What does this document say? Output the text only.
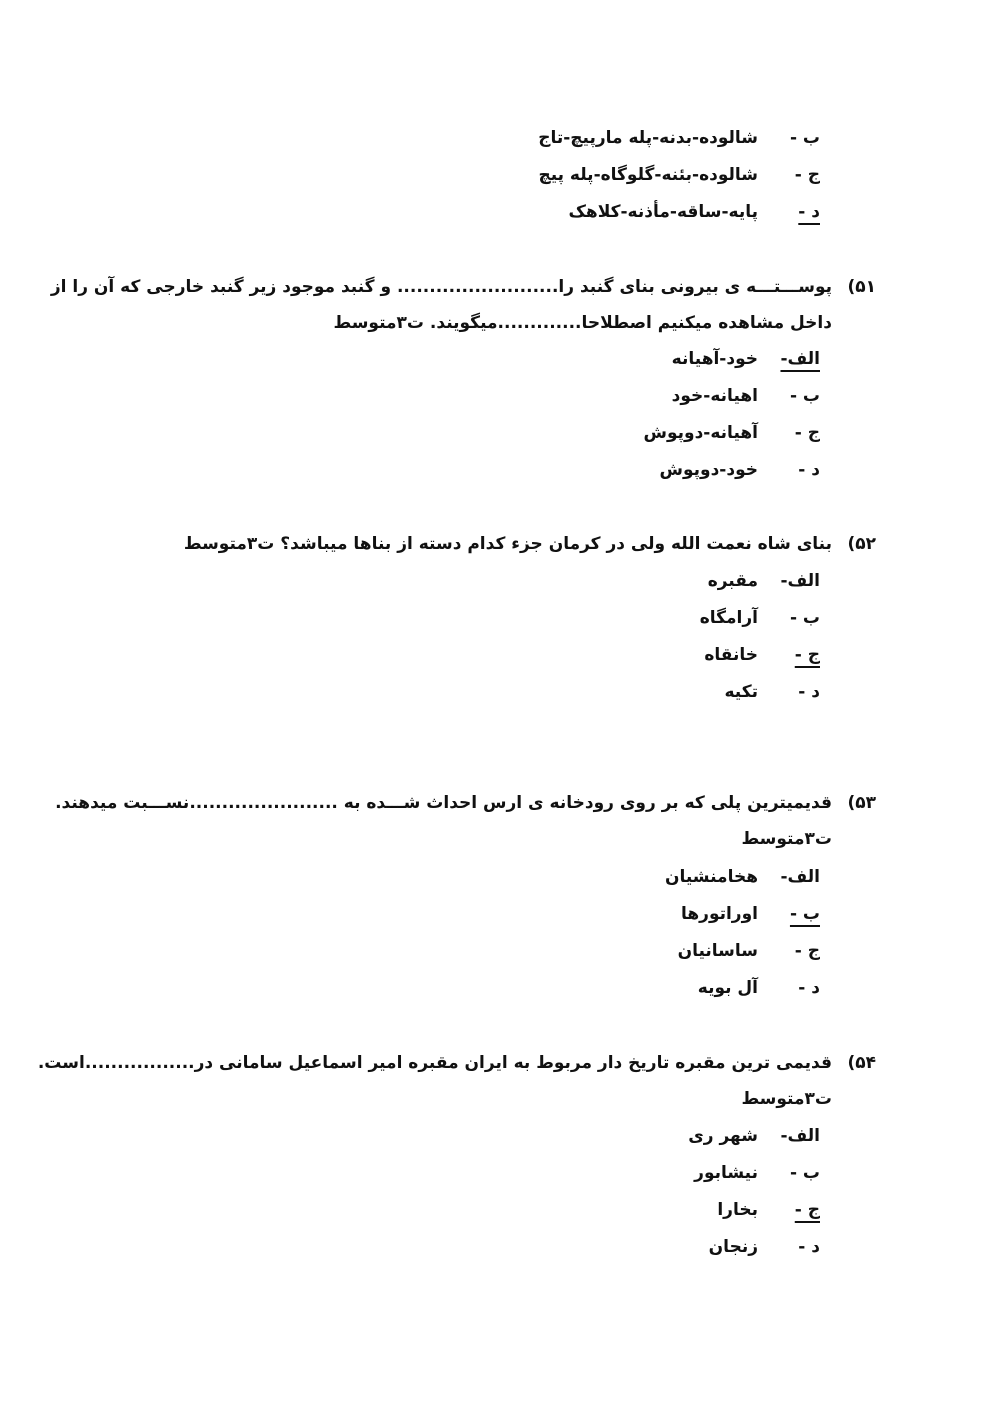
ب -
شالوده-بدنه-پله مارپیچ-تاج
ج -
شالوده-بئنه-گلوگاه-پله پیچ
د -
پایه-ساقه-مأذنه-کلاهک
۵۱)
پوســـتـــه ی بیرونی بنای گنبد را......................... و گنبد موجود زیر گنبد خارجی که آن را از
داخل مشاهده میکنیم اصطلاحا.............میگویند. ت۳متوسط
الف-
خود-آهیانه
ب -
اهیانه-خود
ج -
آهیانه-دوپوش
د -
خود-دوپوش
۵۲)
بنای شاه نعمت الله ولی در کرمان جزء کدام دسته از بناها میباشد؟ ت۳متوسط
الف-
مقبره
ب -
آرامگاه
ج -
خانقاه
د -
تکیه
۵۳)
قدیمیترین پلی که بر روی رودخانه ی ارس احداث شـــده به .......................نســـبت میدهند.
ت۳متوسط
الف-
هخامنشیان
ب -
اوراتورها
ج -
ساسانیان
د -
آل بویه
۵۴)
قدیمی ترین مقبره تاریخ دار مربوط به ایران مقبره امیر اسماعیل سامانی در.................است.
ت۳متوسط
الف-
شهر ری
ب -
نیشابور
ج -
بخارا
د -
زنجان
